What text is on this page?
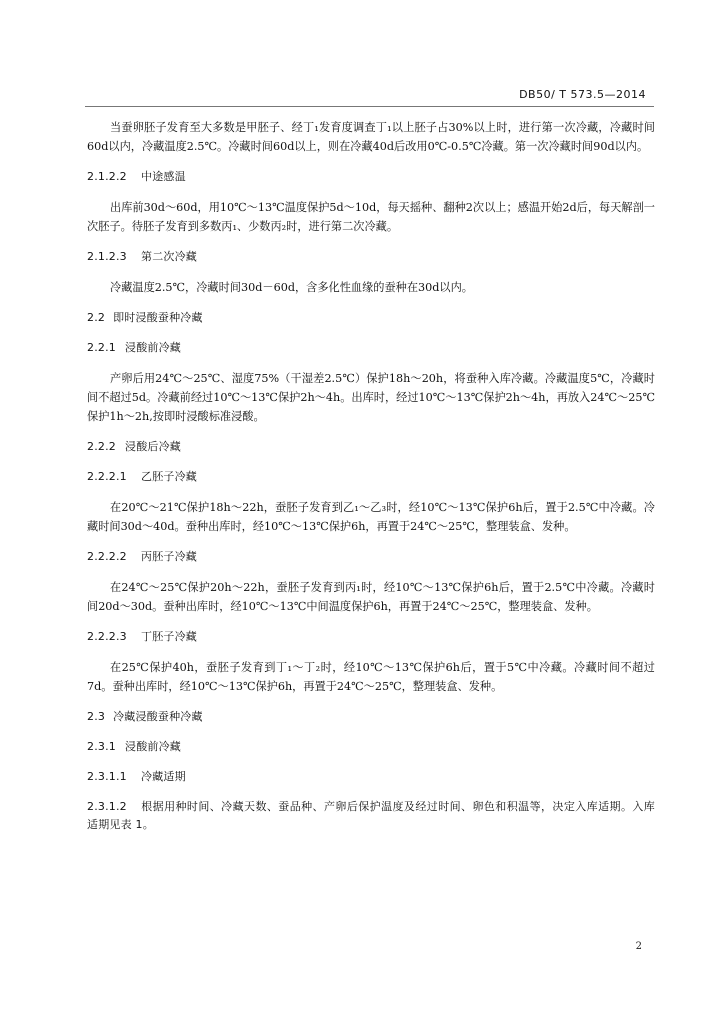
DB50/ T 573.5—2014

当蚕卵胚子发育至大多数是甲胚子、经丁₁发育度调查丁₁以上胚子占30%以上时，进行第一次冷藏，冷藏时间60d以内，冷藏温度2.5℃。冷藏时间60d以上，则在冷藏40d后改用0℃-0.5℃冷藏。第一次冷藏时间90d以内。

2.1.2.2 中途感温

出库前30d～60d，用10℃～13℃温度保护5d～10d，每天摇种、翻种2次以上；感温开始2d后，每天解剖一次胚子。待胚子发育到多数丙₁、少数丙₂时，进行第二次冷藏。

2.1.2.3 第二次冷藏

冷藏温度2.5℃，冷藏时间30d－60d，含多化性血缘的蚕种在30d以内。

2.2 即时浸酸蚕种冷藏
2.2.1 浸酸前冷藏

产卵后用24℃～25℃、湿度75%（干湿差2.5℃）保护18h～20h，将蚕种入库冷藏。冷藏温度5℃，冷藏时间不超过5d。冷藏前经过10℃～13℃保护2h～4h。出库时，经过10℃～13℃保护2h～4h，再放入24℃～25℃保护1h～2h,按即时浸酸标准浸酸。

2.2.2 浸酸后冷藏
2.2.2.1 乙胚子冷藏

在20℃～21℃保护18h～22h，蚕胚子发育到乙₁～乙₃时，经10℃～13℃保护6h后，置于2.5℃中冷藏。冷藏时间30d～40d。蚕种出库时，经10℃～13℃保护6h，再置于24℃～25℃，整理装盒、发种。

2.2.2.2 丙胚子冷藏

在24℃～25℃保护20h～22h，蚕胚子发育到丙₁时，经10℃～13℃保护6h后，置于2.5℃中冷藏。冷藏时间20d～30d。蚕种出库时，经10℃～13℃中间温度保护6h，再置于24℃～25℃，整理装盒、发种。

2.2.2.3 丁胚子冷藏

在25℃保护40h，蚕胚子发育到丁₁～丁₂时，经10℃～13℃保护6h后，置于5℃中冷藏。冷藏时间不超过7d。蚕种出库时，经10℃～13℃保护6h，再置于24℃～25℃，整理装盒、发种。

2.3 冷藏浸酸蚕种冷藏
2.3.1 浸酸前冷藏
2.3.1.1 冷藏适期
2.3.1.2 根据用种时间、冷藏天数、蚕品种、产卵后保护温度及经过时间、卵色和积温等，决定入库适期。入库适期见表 1。
2
